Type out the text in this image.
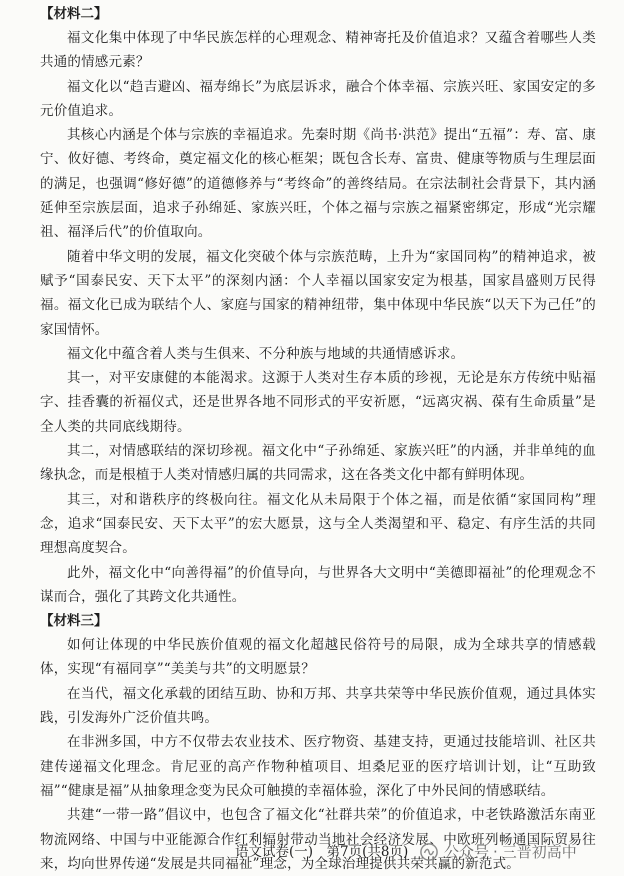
【材料二】

福文化集中体现了中华民族怎样的心理观念、精神寄托及价值追求？又蕴含着哪些人类共通的情感元素？

福文化以“趋吉避凶、福寿绵长”为底层诉求，融合个体幸福、宗族兴旺、家国安定的多元价值追求。

其核心内涵是个体与宗族的幸福追求。先秦时期《尚书·洪范》提出“五福”：寿、富、康宁、攸好德、考终命，奠定福文化的核心框架；既包含长寿、富贵、健康等物质与生理层面的满足，也强调“修好德”的道德修养与“考终命”的善终结局。在宗法制社会背景下，其内涵延伸至宗族层面，追求子孙绵延、家族兴旺，个体之福与宗族之福紧密绑定，形成“光宗耀祖、福泽后代”的价值取向。

随着中华文明的发展，福文化突破个体与宗族范畴，上升为“家国同构”的精神追求，被赋予“国泰民安、天下太平”的深刻内涵：个人幸福以国家安定为根基，国家昌盛则万民得福。福文化已成为联结个人、家庭与国家的精神纽带，集中体现中华民族“以天下为己任”的家国情怀。

福文化中蕴含着人类与生俱来、不分种族与地域的共通情感诉求。

其一，对平安康健的本能渴求。这源于人类对生存本质的珍视，无论是东方传统中贴福字、挂香囊的祈福仪式，还是世界各地不同形式的平安祈愿，“远离灾祸、葆有生命质量”是全人类的共同底线期待。

其二，对情感联结的深切珍视。福文化中“子孙绵延、家族兴旺”的内涵，并非单纯的血缘执念，而是根植于人类对情感归属的共同需求，这在各类文化中都有鲜明体现。

其三，对和谐秩序的终极向往。福文化从未局限于个体之福，而是依循“家国同构”理念，追求“国泰民安、天下太平”的宏大愿景，这与全人类渴望和平、稳定、有序生活的共同理想高度契合。

此外，福文化中“向善得福”的价值导向，与世界各大文明中“美德即福祉”的伦理观念不谋而合，强化了其跨文化共通性。

【材料三】

如何让体现的中华民族价值观的福文化超越民俗符号的局限，成为全球共享的情感载体，实现“有福同享”“美美与共”的文明愿景？

在当代，福文化承载的团结互助、协和万邦、共享共荣等中华民族价值观，通过具体实践，引发海外广泛价值共鸣。

在非洲多国，中方不仅带去农业技术、医疗物资、基建支持，更通过技能培训、社区共建传递福文化理念。肯尼亚的高产作物种植项目、坦桑尼亚的医疗培训计划，让“互助致福”“健康是福”从抽象理念变为民众可触摸的幸福体验，深化了中外民间的情感联结。

共建“一带一路”倡议中，也包含了福文化“社群共荣”的价值追求，中老铁路激活东南亚物流网络、中国与中亚能源合作红利辐射带动当地社会经济发展、中欧班列畅通国际贸易往来，均向世界传递“发展是共同福祉”理念，为全球治理提供共荣共赢的新范式。

语文试卷(一)　第7页(共8页) 公众号 · 三晋初高中
